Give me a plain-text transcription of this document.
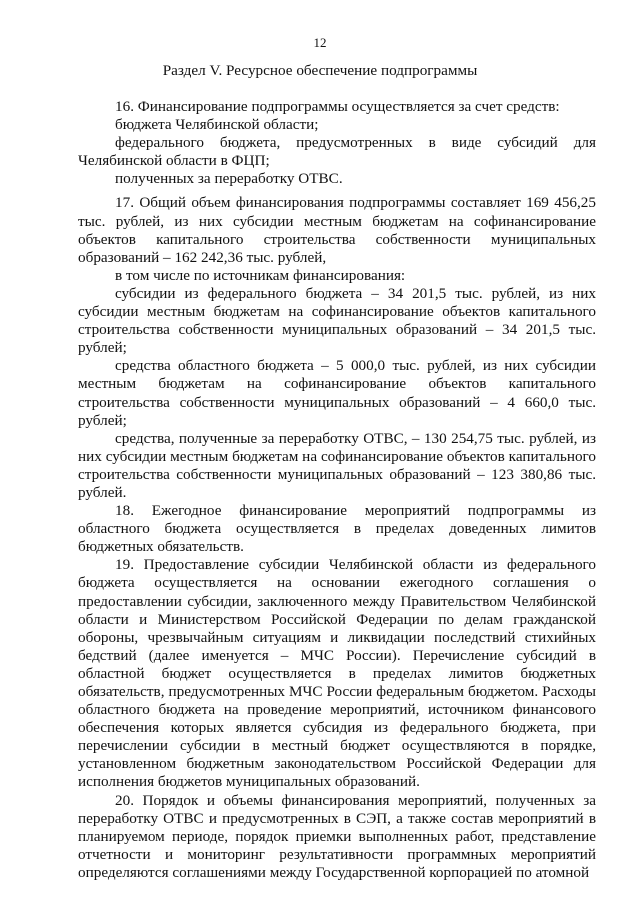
12
Раздел V. Ресурсное обеспечение подпрограммы

16. Финансирование подпрограммы осуществляется за счет средств:

бюджета Челябинской области;

федерального бюджета, предусмотренных в виде субсидий для Челябинской области в ФЦП;

полученных за переработку ОТВС.

17. Общий объем финансирования подпрограммы составляет 169 456,25 тыс. рублей, из них субсидии местным бюджетам на софинансирование объектов капитального строительства собственности муниципальных образований – 162 242,36 тыс. рублей,

в том числе по источникам финансирования:

субсидии из федерального бюджета – 34 201,5 тыс. рублей, из них субсидии местным бюджетам на софинансирование объектов капитального строительства собственности муниципальных образований – 34 201,5 тыс. рублей;

средства областного бюджета – 5 000,0 тыс. рублей, из них субсидии местным бюджетам на софинансирование объектов капитального строительства собственности муниципальных образований – 4 660,0 тыс. рублей;

средства, полученные за переработку ОТВС, – 130 254,75 тыс. рублей, из них субсидии местным бюджетам на софинансирование объектов капитального строительства собственности муниципальных образований – 123 380,86 тыс. рублей.

18. Ежегодное финансирование мероприятий подпрограммы из областного бюджета осуществляется в пределах доведенных лимитов бюджетных обязательств.

19. Предоставление субсидии Челябинской области из федерального бюджета осуществляется на основании ежегодного соглашения о предоставлении субсидии, заключенного между Правительством Челябинской области и Министерством Российской Федерации по делам гражданской обороны, чрезвычайным ситуациям и ликвидации последствий стихийных бедствий (далее именуется – МЧС России). Перечисление субсидий в областной бюджет осуществляется в пределах лимитов бюджетных обязательств, предусмотренных МЧС России федеральным бюджетом. Расходы областного бюджета на проведение мероприятий, источником финансового обеспечения которых является субсидия из федерального бюджета, при перечислении субсидии в местный бюджет осуществляются в порядке, установленном бюджетным законодательством Российской Федерации для исполнения бюджетов муниципальных образований.

20. Порядок и объемы финансирования мероприятий, полученных за переработку ОТВС и предусмотренных в СЭП, а также состав мероприятий в планируемом периоде, порядок приемки выполненных работ, представление отчетности и мониторинг результативности программных мероприятий определяются соглашениями между Государственной корпорацией по атомной
